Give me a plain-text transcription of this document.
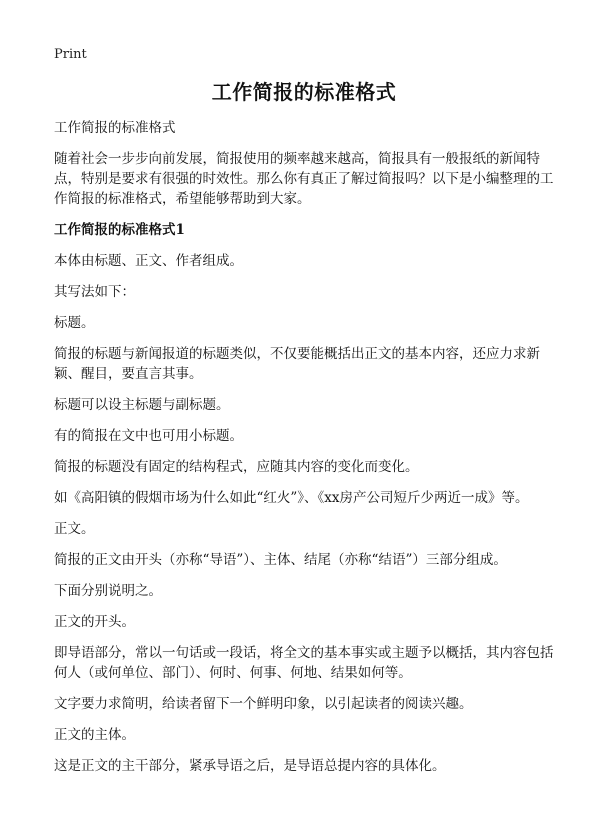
Print
工作简报的标准格式

工作简报的标准格式

随着社会一步步向前发展，简报使用的频率越来越高，简报具有一般报纸的新闻特点，特别是要求有很强的时效性。那么你有真正了解过简报吗？以下是小编整理的工作简报的标准格式，希望能够帮助到大家。

工作简报的标准格式1

本体由标题、正文、作者组成。

其写法如下：

标题。

简报的标题与新闻报道的标题类似，不仅要能概括出正文的基本内容，还应力求新颖、醒目，要直言其事。

标题可以设主标题与副标题。

有的简报在文中也可用小标题。

简报的标题没有固定的结构程式，应随其内容的变化而变化。

如《高阳镇的假烟市场为什么如此“红火”》、《xx房产公司短斤少两近一成》等。

正文。

简报的正文由开头（亦称“导语”）、主体、结尾（亦称“结语”）三部分组成。

下面分别说明之。

正文的开头。

即导语部分，常以一句话或一段话，将全文的基本事实或主题予以概括，其内容包括何人（或何单位、部门）、何时、何事、何地、结果如何等。

文字要力求简明，给读者留下一个鲜明印象，以引起读者的阅读兴趣。

正文的主体。

这是正文的主干部分，紧承导语之后，是导语总提内容的具体化。
